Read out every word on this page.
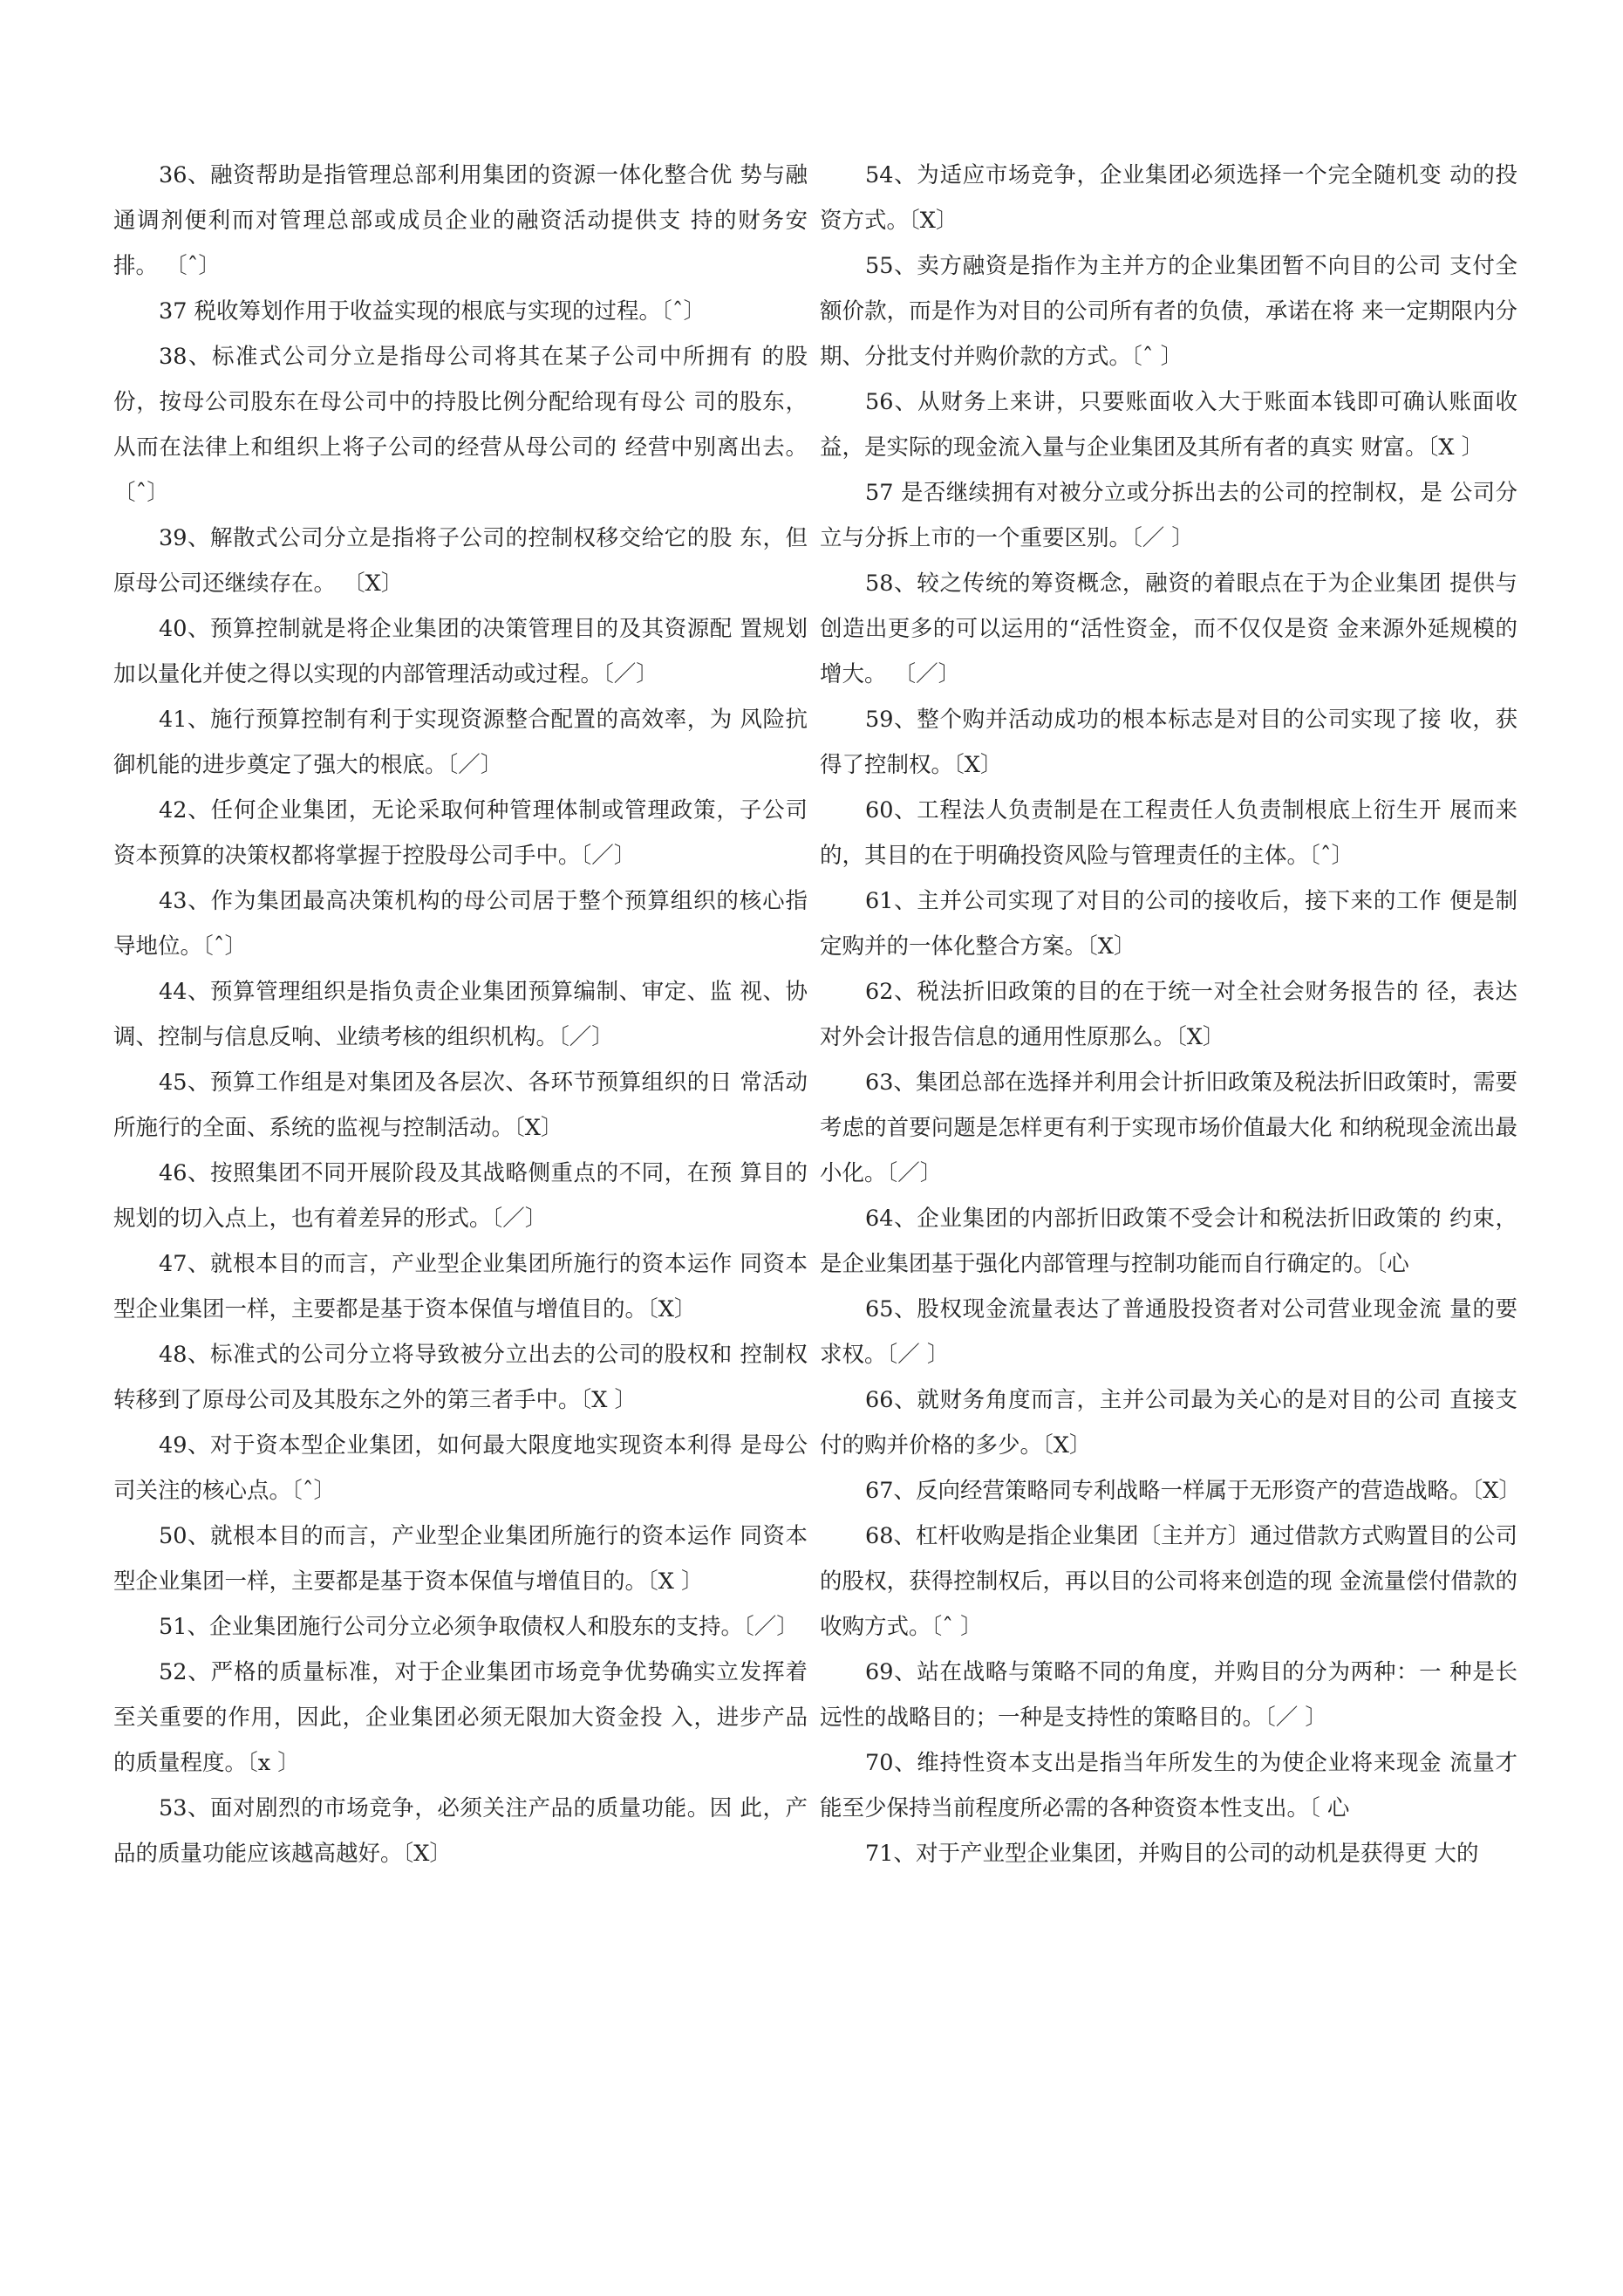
36、融资帮助是指管理总部利用集团的资源一体化整合优 势与融通调剂便利而对管理总部或成员企业的融资活动提供支 持的财务安排。 〔ˆ〕

37 税收筹划作用于收益实现的根底与实现的过程。〔ˆ〕

38、标准式公司分立是指母公司将其在某子公司中所拥有 的股份，按母公司股东在母公司中的持股比例分配给现有母公 司的股东，从而在法律上和组织上将子公司的经营从母公司的 经营中别离出去。 〔ˆ〕

39、解散式公司分立是指将子公司的控制权移交给它的股 东，但原母公司还继续存在。 〔X〕

40、预算控制就是将企业集团的决策管理目的及其资源配 置规划加以量化并使之得以实现的内部管理活动或过程。〔／〕

41、施行预算控制有利于实现资源整合配置的高效率，为 风险抗御机能的进步奠定了强大的根底。〔／〕

42、任何企业集团，无论采取何种管理体制或管理政策，子公司资本预算的决策权都将掌握于控股母公司手中。〔／〕

43、作为集团最高决策机构的母公司居于整个预算组织的核心指导地位。〔ˆ〕

44、预算管理组织是指负责企业集团预算编制、审定、监 视、协调、控制与信息反响、业绩考核的组织机构。〔／〕

45、预算工作组是对集团及各层次、各环节预算组织的日 常活动所施行的全面、系统的监视与控制活动。〔X〕

46、按照集团不同开展阶段及其战略侧重点的不同，在预 算目的规划的切入点上，也有着差异的形式。〔／〕

47、就根本目的而言，产业型企业集团所施行的资本运作 同资本型企业集团一样，主要都是基于资本保值与增值目的。〔X〕

48、标准式的公司分立将导致被分立出去的公司的股权和 控制权转移到了原母公司及其股东之外的第三者手中。〔X 〕

49、对于资本型企业集团，如何最大限度地实现资本利得 是母公司关注的核心点。〔ˆ〕

50、就根本目的而言，产业型企业集团所施行的资本运作 同资本型企业集团一样，主要都是基于资本保值与增值目的。〔X 〕

51、企业集团施行公司分立必须争取债权人和股东的支持。〔／〕

52、严格的质量标准，对于企业集团市场竞争优势确实立发挥着至关重要的作用，因此，企业集团必须无限加大资金投 入，进步产品的质量程度。〔x 〕

53、面对剧烈的市场竞争，必须关注产品的质量功能。因 此，产品的质量功能应该越高越好。〔X〕

54、为适应市场竞争，企业集团必须选择一个完全随机变 动的投资方式。〔X〕

55、卖方融资是指作为主并方的企业集团暂不向目的公司 支付全额价款，而是作为对目的公司所有者的负债，承诺在将 来一定期限内分期、分批支付并购价款的方式。〔ˆ 〕

56、从财务上来讲，只要账面收入大于账面本钱即可确认账面收益，是实际的现金流入量与企业集团及其所有者的真实 财富。〔X 〕

57 是否继续拥有对被分立或分拆出去的公司的控制权，是 公司分立与分拆上市的一个重要区别。〔／ 〕

58、较之传统的筹资概念，融资的着眼点在于为企业集团 提供与创造出更多的可以运用的“活性资金，而不仅仅是资 金来源外延规模的增大。 〔／〕

59、整个购并活动成功的根本标志是对目的公司实现了接 收，获得了控制权。〔X〕

60、工程法人负责制是在工程责任人负责制根底上衍生开 展而来的，其目的在于明确投资风险与管理责任的主体。〔ˆ〕

61、主并公司实现了对目的公司的接收后，接下来的工作 便是制定购并的一体化整合方案。〔X〕

62、税法折旧政策的目的在于统一对全社会财务报告的 径，表达对外会计报告信息的通用性原那么。〔X〕

63、集团总部在选择并利用会计折旧政策及税法折旧政策时，需要考虑的首要问题是怎样更有利于实现市场价值最大化 和纳税现金流出最小化。〔／〕

64、企业集团的内部折旧政策不受会计和税法折旧政策的 约束，是企业集团基于强化内部管理与控制功能而自行确定的。〔心

65、股权现金流量表达了普通股投资者对公司营业现金流 量的要求权。〔／ 〕

66、就财务角度而言，主并公司最为关心的是对目的公司 直接支付的购并价格的多少。〔X〕

67、反向经营策略同专利战略一样属于无形资产的营造战略。〔X〕

68、杠杆收购是指企业集团〔主并方〕通过借款方式购置目的公司的股权，获得控制权后，再以目的公司将来创造的现 金流量偿付借款的收购方式。〔ˆ 〕

69、站在战略与策略不同的角度，并购目的分为两种：一 种是长远性的战略目的；一种是支持性的策略目的。〔／ 〕

70、维持性资本支出是指当年所发生的为使企业将来现金 流量才能至少保持当前程度所必需的各种资资本性支出。〔 心

71、对于产业型企业集团，并购目的公司的动机是获得更 大的
